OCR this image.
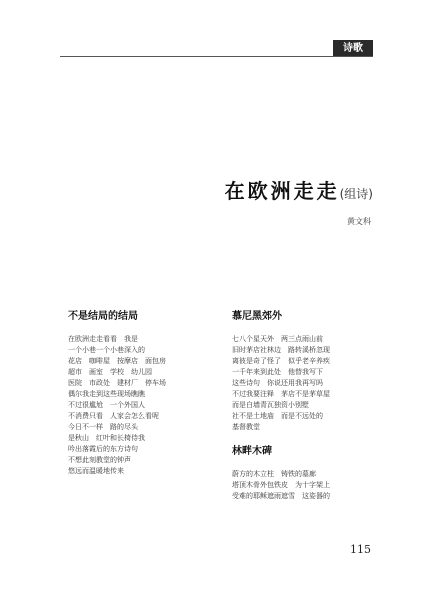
诗歌
在欧洲走走(组诗)
黄文科
不是结局的结局
在欧洲走走看看　我是
一个小巷一个小巷深入的
花店　咖啡屋　按摩店　面包房
超市　画室　学校　幼儿园
医院　市政处　建材厂　停车场
偶尔我走到这些现场瞧瞧
不过很尴尬　一个外国人
不消费只看　人家会怎么看呢
今日不一样　路的尽头
是秋山　红叶和长椅侍我
吟出落霞后的东方诗句
不想此刻教堂的钟声
悠远而温暖地传来
慕尼黑郊外
七八个星天外　两三点雨山前
旧时茅店社林边　路转溪桥忽现
离彼是奇了怪了　似乎老辛养疾
一千年来到此处　他替我写下
这些诗句　你说还用我再写吗
不过我要注释　茅店不是茅草屋
而是白墙青瓦独资小别墅
社不是土地庙　而是不远处的
基督教堂
林畔木碑
蔚方的木立柱　铸铁的墓廊
塔顶木骨外包铁皮　为十字架上
受难的耶稣遮雨遮雪　这姿器的
115
